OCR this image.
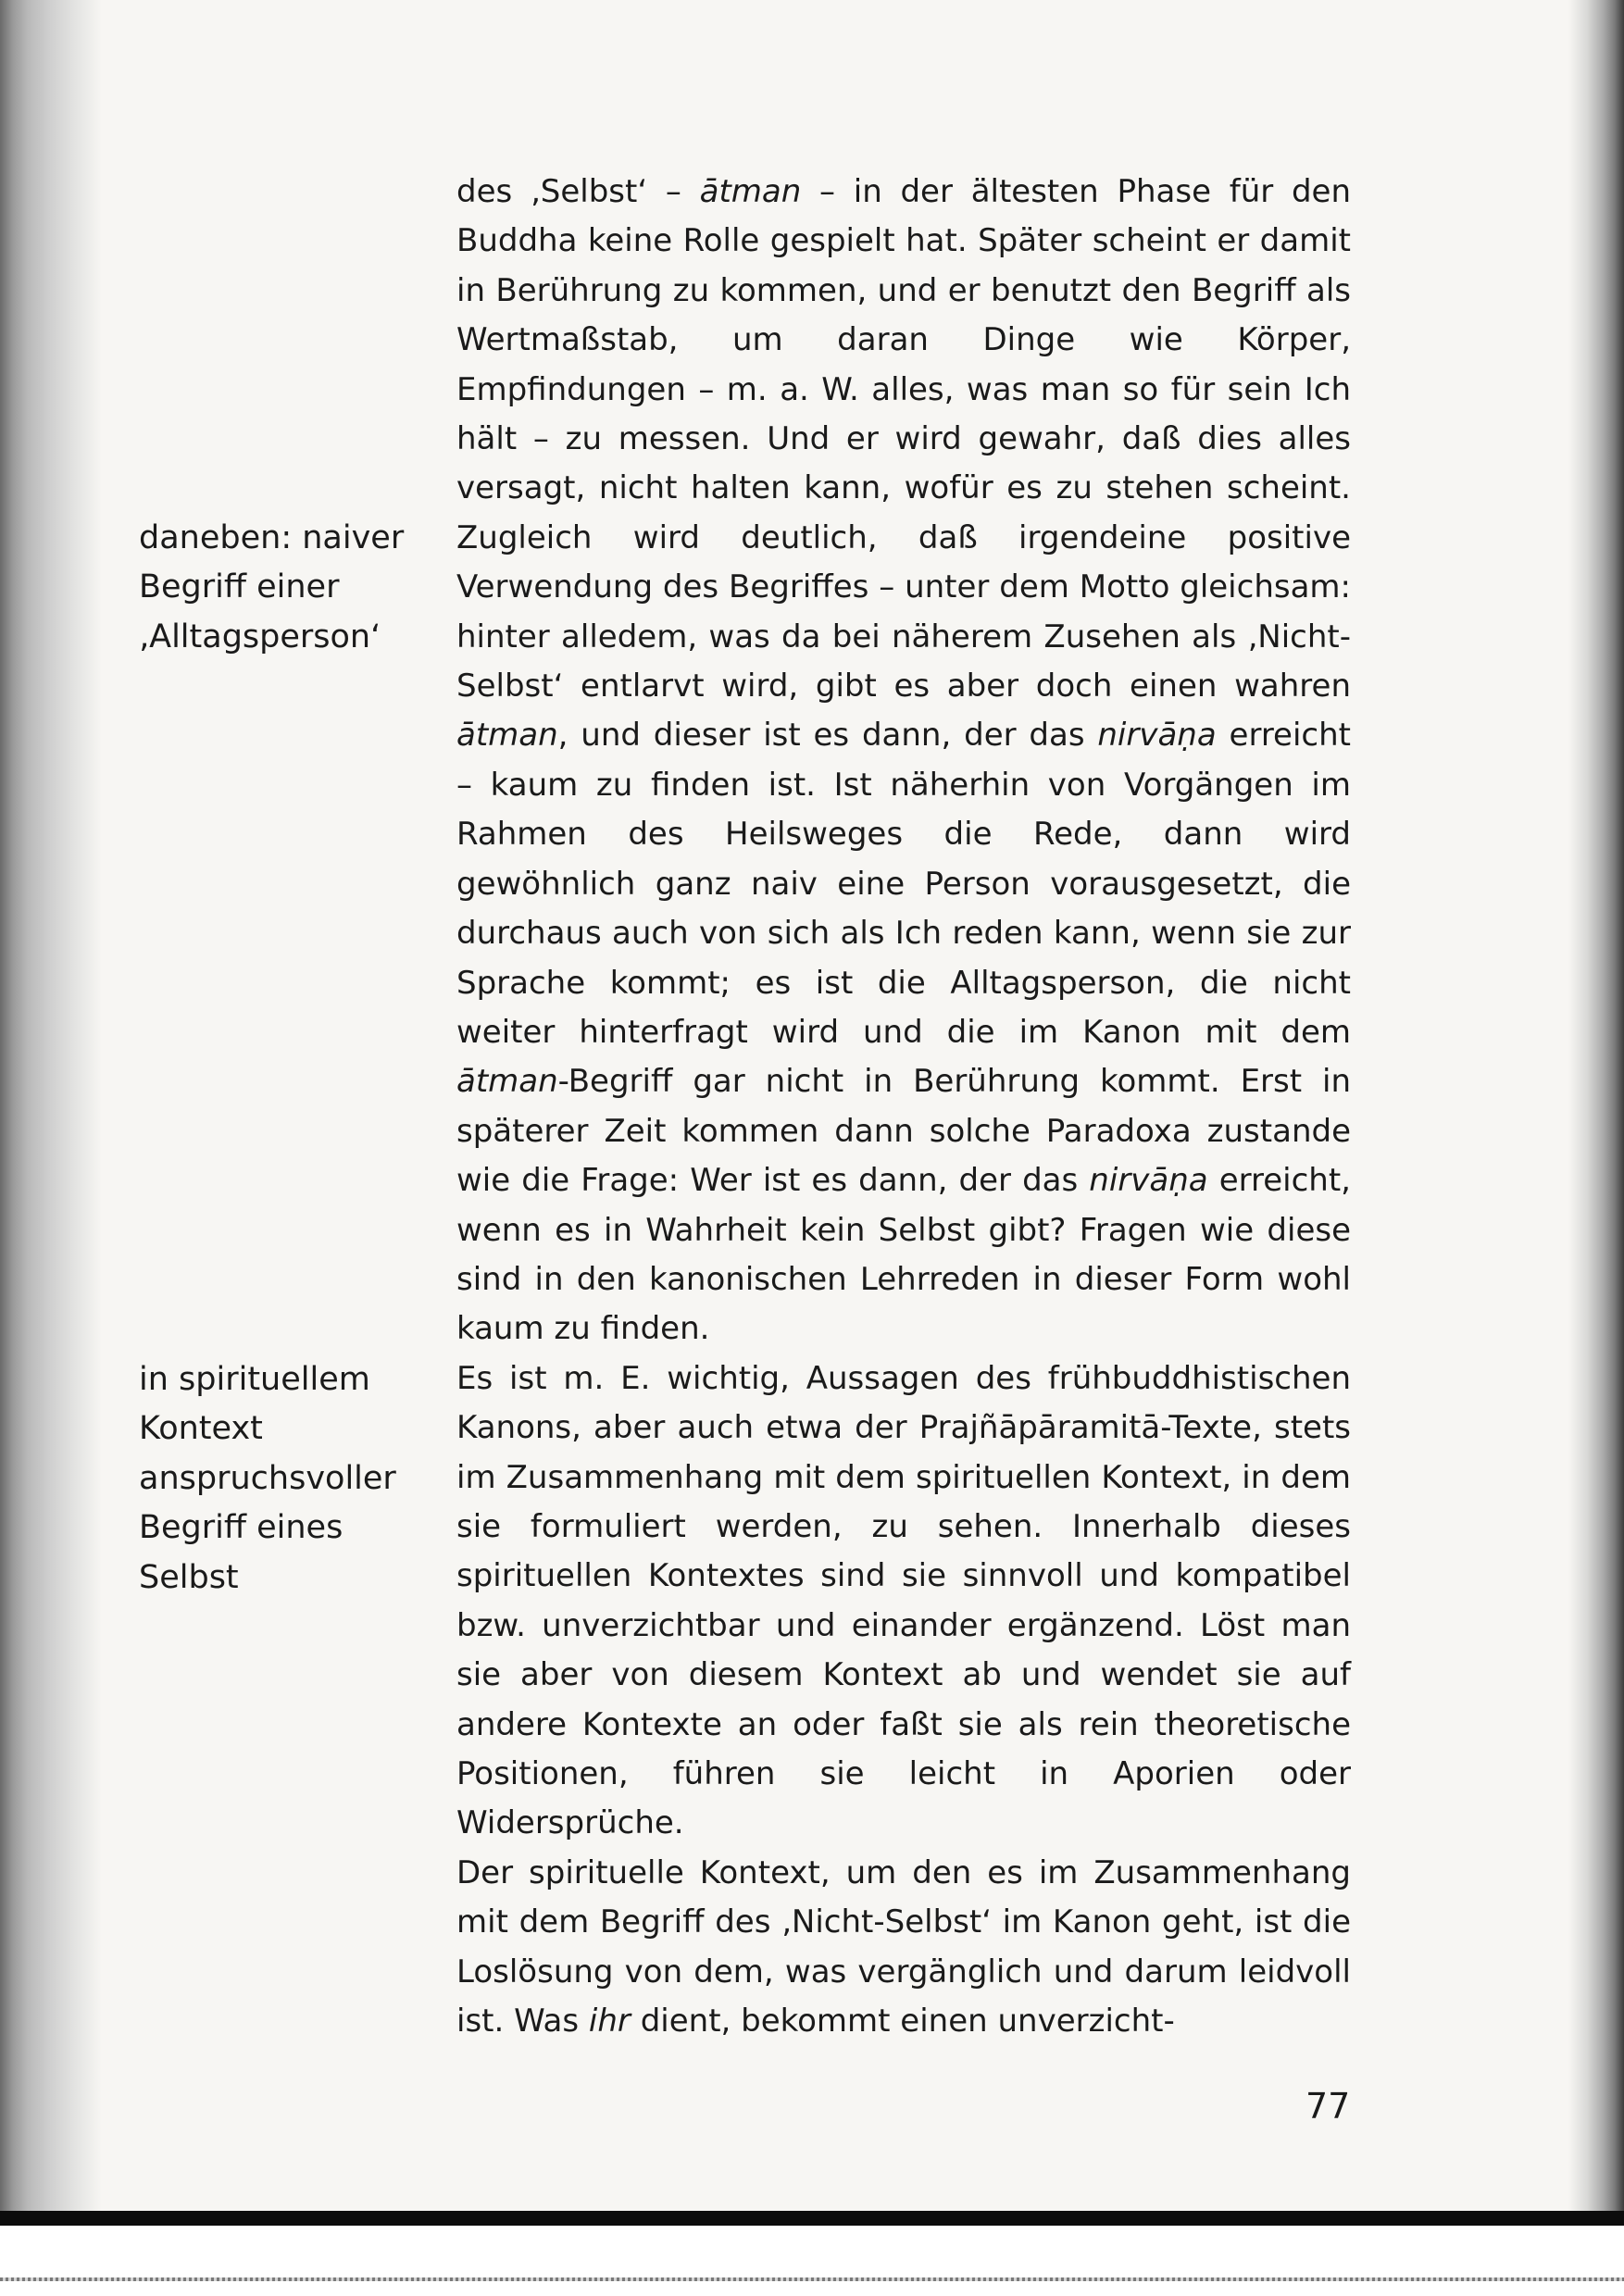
daneben: naiver
Begriff einer
‚Alltagsperson‘
in spirituellem
Kontext
anspruchsvoller
Begriff eines
Selbst

des ‚Selbst‘ – ātman – in der ältesten Phase für den Buddha keine Rolle gespielt hat. Später scheint er damit in Berührung zu kommen, und er benutzt den Begriff als Wertmaßstab, um daran Dinge wie Körper, Empfindungen – m. a. W. alles, was man so für sein Ich hält – zu messen. Und er wird gewahr, daß dies alles versagt, nicht halten kann, wofür es zu stehen scheint. Zugleich wird deutlich, daß irgendeine positive Verwendung des Begriffes – unter dem Motto gleichsam: hinter alledem, was da bei näherem Zusehen als ‚Nicht-Selbst‘ entlarvt wird, gibt es aber doch einen wahren ātman, und dieser ist es dann, der das nirvāṇa erreicht – kaum zu finden ist. Ist näherhin von Vorgängen im Rahmen des Heilsweges die Rede, dann wird gewöhnlich ganz naiv eine Person vorausgesetzt, die durchaus auch von sich als Ich reden kann, wenn sie zur Sprache kommt; es ist die Alltagsperson, die nicht weiter hinterfragt wird und die im Kanon mit dem ātman-Begriff gar nicht in Berührung kommt. Erst in späterer Zeit kommen dann solche Paradoxa zustande wie die Frage: Wer ist es dann, der das nirvāṇa erreicht, wenn es in Wahrheit kein Selbst gibt? Fragen wie diese sind in den kanonischen Lehrreden in dieser Form wohl kaum zu finden.

Es ist m. E. wichtig, Aussagen des frühbuddhistischen Kanons, aber auch etwa der Prajñāpāramitā-Texte, stets im Zusammenhang mit dem spirituellen Kontext, in dem sie formuliert werden, zu sehen. Innerhalb dieses spirituellen Kontextes sind sie sinnvoll und kompatibel bzw. unverzichtbar und einander ergänzend. Löst man sie aber von diesem Kontext ab und wendet sie auf andere Kontexte an oder faßt sie als rein theoretische Positionen, führen sie leicht in Aporien oder Widersprüche.

Der spirituelle Kontext, um den es im Zusammenhang mit dem Begriff des ‚Nicht-Selbst‘ im Kanon geht, ist die Loslösung von dem, was vergänglich und darum leidvoll ist. Was ihr dient, bekommt einen unverzicht-

77
